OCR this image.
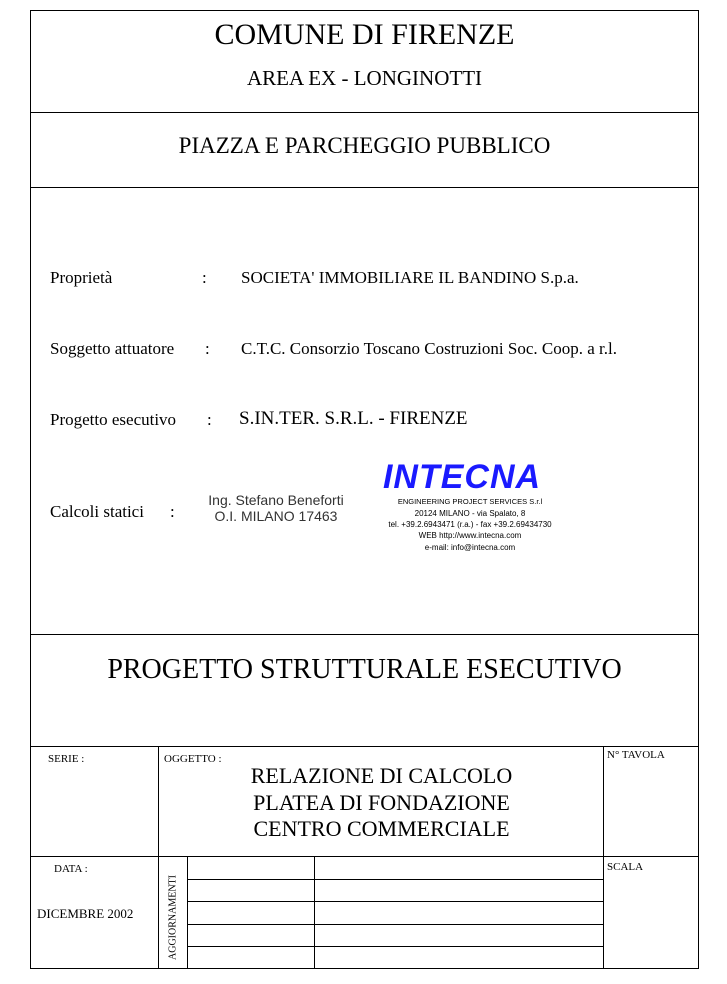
COMUNE DI FIRENZE
AREA EX - LONGINOTTI
PIAZZA E PARCHEGGIO PUBBLICO
Proprietà	: SOCIETA' IMMOBILIARE IL BANDINO S.p.a.
Soggetto attuatore : C.T.C. Consorzio Toscano Costruzioni Soc. Coop. a r.l.
Progetto esecutivo : S.IN.TER. S.R.L. - FIRENZE
Calcoli statici :
Ing. Stefano Beneforti
O.I. MILANO 17463
INTECNA
ENGINEERING PROJECT SERVICES S.r.l
20124 MILANO - via Spalato, 8
tel. +39.2.6943471 (r.a.) - fax +39.2.69434730
WEB http://www.intecna.com
e-mail: info@intecna.com
PROGETTO STRUTTURALE ESECUTIVO
SERIE :	OGGETTO :
RELAZIONE DI CALCOLO
PLATEA DI FONDAZIONE
CENTRO COMMERCIALE
N° TAVOLA
DATA :
DICEMBRE 2002
SCALA
AGGIORNAMENTI
